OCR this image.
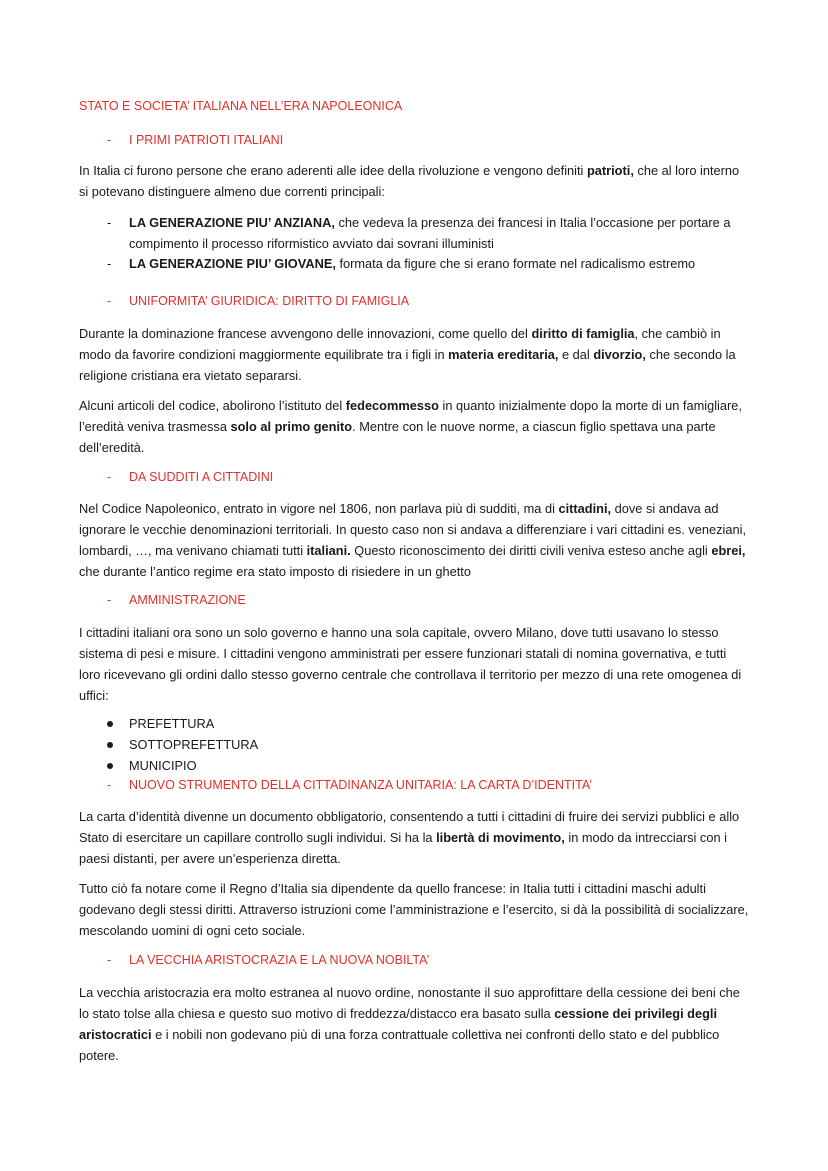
STATO E SOCIETA’ ITALIANA NELL’ERA NAPOLEONICA
-	I PRIMI PATRIOTI ITALIANI

In Italia ci furono persone che erano aderenti alle idee della rivoluzione e vengono definiti patrioti, che al loro interno si potevano distinguere almeno due correnti principali:

-	LA GENERAZIONE PIU’ ANZIANA, che vedeva la presenza dei francesi in Italia l’occasione per portare a compimento il processo riformistico avviato dai sovrani illuministi
-	LA GENERAZIONE PIU’ GIOVANE, formata da figure che si erano formate nel radicalismo estremo
-	UNIFORMITA’ GIURIDICA: DIRITTO DI FAMIGLIA

Durante la dominazione francese avvengono delle innovazioni, come quello del diritto di famiglia, che cambiò in modo da favorire condizioni maggiormente equilibrate tra i figli in materia ereditaria, e dal divorzio, che secondo la religione cristiana era vietato separarsi.

Alcuni articoli del codice, abolirono l’istituto del fedecommesso in quanto inizialmente dopo la morte di un famigliare, l’eredità veniva trasmessa solo al primo genito. Mentre con le nuove norme, a ciascun figlio spettava una parte dell’eredità.

-	DA SUDDITI A CITTADINI

Nel Codice Napoleonico, entrato in vigore nel 1806, non parlava più di sudditi, ma di cittadini, dove si andava ad ignorare le vecchie denominazioni territoriali. In questo caso non si andava a differenziare i vari cittadini es. veneziani, lombardi, …, ma venivano chiamati tutti italiani. Questo riconoscimento dei diritti civili veniva esteso anche agli ebrei, che durante l’antico regime era stato imposto di risiedere in un ghetto

-	AMMINISTRAZIONE

I cittadini italiani ora sono un solo governo e hanno una sola capitale, ovvero Milano, dove tutti usavano lo stesso sistema di pesi e misure. I cittadini vengono amministrati per essere funzionari statali di nomina governativa, e tutti loro ricevevano gli ordini dallo stesso governo centrale che controllava il territorio per mezzo di una rete omogenea di uffici:

PREFETTURA
SOTTOPREFETTURA
MUNICIPIO
-	NUOVO STRUMENTO DELLA CITTADINANZA UNITARIA: LA CARTA D’IDENTITA’

La carta d’identità divenne un documento obbligatorio, consentendo a tutti i cittadini di fruire dei servizi pubblici e allo Stato di esercitare un capillare controllo sugli individui. Si ha la libertà di movimento, in modo da intrecciarsi con i paesi distanti, per avere un’esperienza diretta.

Tutto ciò fa notare come il Regno d’Italia sia dipendente da quello francese: in Italia tutti i cittadini maschi adulti godevano degli stessi diritti. Attraverso istruzioni come l’amministrazione e l’esercito, si dà la possibilità di socializzare, mescolando uomini di ogni ceto sociale.

-	LA VECCHIA ARISTOCRAZIA E LA NUOVA NOBILTA’

La vecchia aristocrazia era molto estranea al nuovo ordine, nonostante il suo approfittare della cessione dei beni che lo stato tolse alla chiesa e questo suo motivo di freddezza/distacco era basato sulla cessione dei privilegi degli aristocratici e i nobili non godevano più di una forza contrattuale collettiva nei confronti dello stato e del pubblico potere.
